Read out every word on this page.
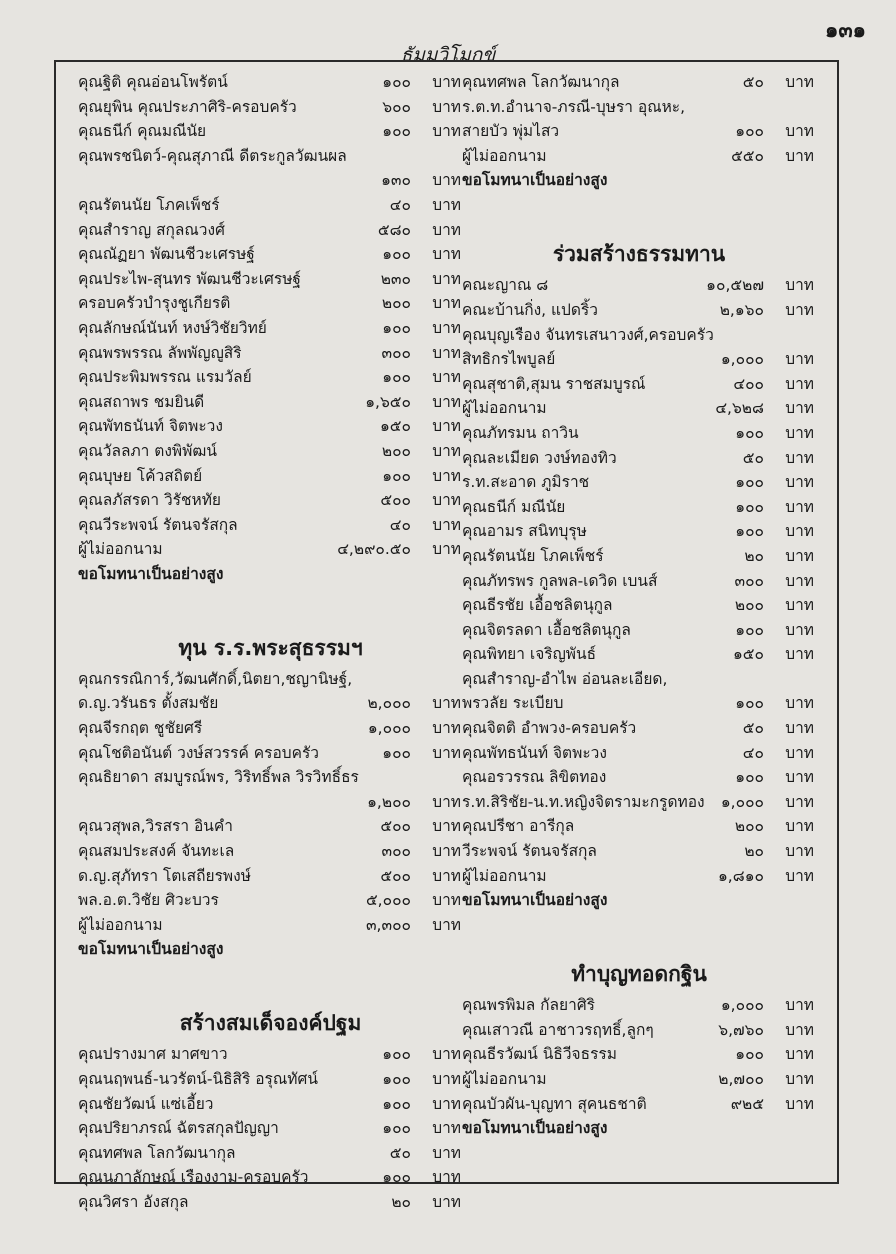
๑๓๑
ธัมมวิโมกข์
คุณฐิติ คุณอ่อนโพรัตน์	๑๐๐ บาท
คุณยุพิน คุณประภาศิริ-ครอบครัว	๖๐๐ บาท
คุณธนีก์ คุณมณีนัย	๑๐๐ บาท
คุณพรชนิตว์-คุณสุภาณี ดีตระกูลวัฒนผล
๑๓๐ บาท
คุณรัตนนัย โภคเพ็ชร์	๔๐ บาท
คุณสำราญ สกุลณวงศ์	๕๘๐ บาท
คุณณัฏยา พัฒนชีวะเศรษฐ์	๑๐๐ บาท
คุณประไพ-สุนทร พัฒนชีวะเศรษฐ์	๒๓๐ บาท
ครอบครัวบำรุงชูเกียรติ	๒๐๐ บาท
คุณลักษณ์นันท์ หงษ์วิชัยวิทย์	๑๐๐ บาท
คุณพรพรรณ ลัพพัญญูสิริ	๓๐๐ บาท
คุณประพิมพรรณ แรมวัลย์	๑๐๐ บาท
คุณสถาพร ชมยินดี	๑,๖๕๐ บาท
คุณพัทธนันท์ จิตพะวง	๑๕๐ บาท
คุณวัลลภา ตงพิพัฒน์	๒๐๐ บาท
คุณบุษย โค้วสถิตย์	๑๐๐ บาท
คุณลภัสรดา วิรัชหทัย	๕๐๐ บาท
คุณวีระพจน์ รัตนจรัสกุล	๔๐ บาท
ผู้ไม่ออกนาม	๔,๒๙๐.๕๐ บาท
ขอโมทนาเป็นอย่างสูง
ทุน ร.ร.พระสุธรรมฯ
คุณกรรณิการ์,วัฒนศักดิ์,นิตยา,ชญานิษฐ์,
ด.ญ.วรันธร ตั้งสมชัย	๒,๐๐๐ บาท
คุณจีรกฤต ชูชัยศรี	๑,๐๐๐ บาท
คุณโชติอนันต์ วงษ์สวรรค์ ครอบครัว	๑๐๐ บาท
คุณธิยาดา สมบูรณ์พร, วิริทธิ์พล วิรวิทธิ์ธร
๑,๒๐๐ บาท
คุณวสุพล,วิรสรา อินคำ	๕๐๐ บาท
คุณสมประสงค์ จันทะเล	๓๐๐ บาท
ด.ญ.สุภัทรา โตเสถียรพงษ์	๕๐๐ บาท
พล.อ.ต.วิชัย ศิวะบวร	๕,๐๐๐ บาท
ผู้ไม่ออกนาม	๓,๓๐๐ บาท
ขอโมทนาเป็นอย่างสูง
สร้างสมเด็จองค์ปฐม
คุณปรางมาศ มาศขาว	๑๐๐ บาท
คุณนฤพนธ์-นวรัตน์-นิธิสิริ อรุณทัศน์	๑๐๐ บาท
คุณชัยวัฒน์ แซ่เอี้ยว	๑๐๐ บาท
คุณปริยาภรณ์ ฉัตรสกุลปัญญา	๑๐๐ บาท
คุณทศพล โลกวัฒนากุล	๕๐ บาท
คุณนภาลักษณ์ เรืองงาม-ครอบครัว	๑๐๐ บาท
คุณวิศรา อังสกุล	๒๐ บาท
คุณทศพล โลกวัฒนากุล	๕๐ บาท
ร.ต.ท.อำนาจ-ภรณี-บุษรา อุณหะ,
สายบัว พุ่มไสว	๑๐๐ บาท
ผู้ไม่ออกนาม	๕๕๐ บาท
ขอโมทนาเป็นอย่างสูง
ร่วมสร้างธรรมทาน
คณะญาณ ๘	๑๐,๕๒๗ บาท
คณะบ้านกิ่ง, แปดริ้ว	๒,๑๖๐ บาท
คุณบุญเรือง จันทรเสนาวงศ์,ครอบครัว
สิทธิกรไพบูลย์	๑,๐๐๐ บาท
คุณสุชาติ,สุมน ราชสมบูรณ์	๔๐๐ บาท
ผู้ไม่ออกนาม	๔,๖๒๘ บาท
คุณภัทรมน ถาวิน	๑๐๐ บาท
คุณละเมียด วงษ์ทองทิว	๕๐ บาท
ร.ท.สะอาด ภูมิราช	๑๐๐ บาท
คุณธนีก์ มณีนัย	๑๐๐ บาท
คุณอามร สนิทบุรุษ	๑๐๐ บาท
คุณรัตนนัย โภคเพ็ชร์	๒๐ บาท
คุณภัทรพร กูลพล-เดวิด เบนส์	๓๐๐ บาท
คุณธีรชัย เอื้อชลิตนุกูล	๒๐๐ บาท
คุณจิตรลดา เอื้อชลิตนุกูล	๑๐๐ บาท
คุณพิทยา เจริญพันธ์	๑๕๐ บาท
คุณสำราญ-อำไพ อ่อนละเอียด,
พรวลัย ระเบียบ	๑๐๐ บาท
คุณจิตติ อำพวง-ครอบครัว	๕๐ บาท
คุณพัทธนันท์ จิตพะวง	๔๐ บาท
คุณอรวรรณ ลิขิตทอง	๑๐๐ บาท
ร.ท.สิริชัย-น.ท.หญิงจิตรามะกรูดทอง ๑,๐๐๐ บาท
คุณปรีชา อารีกุล	๒๐๐ บาท
วีระพจน์ รัตนจรัสกุล	๒๐ บาท
ผู้ไม่ออกนาม	๑,๘๑๐ บาท
ขอโมทนาเป็นอย่างสูง
ทำบุญทอดกฐิน
คุณพรพิมล กัลยาศิริ	๑,๐๐๐ บาท
คุณเสาวณี อาชาวรฤทธิ์,ลูกๆ	๖,๗๖๐ บาท
คุณธีรวัฒน์ นิธิวีจธรรม	๑๐๐ บาท
ผู้ไม่ออกนาม	๒,๗๐๐ บาท
คุณบัวผัน-บุญทา สุคนธชาติ	๙๒๕ บาท
ขอโมทนาเป็นอย่างสูง
